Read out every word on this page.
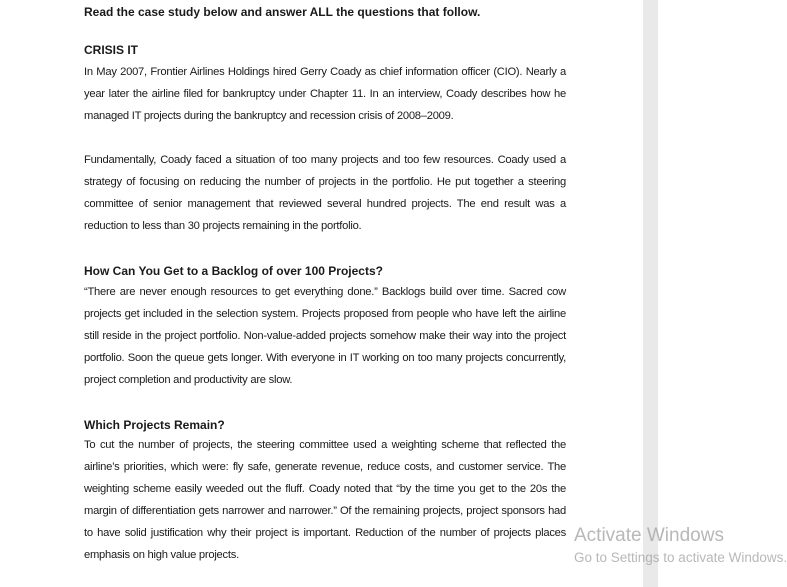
Read the case study below and answer ALL the questions that follow.
CRISIS IT
In May 2007, Frontier Airlines Holdings hired Gerry Coady as chief information officer (CIO). Nearly a year later the airline filed for bankruptcy under Chapter 11. In an interview, Coady describes how he managed IT projects during the bankruptcy and recession crisis of 2008–2009.
Fundamentally, Coady faced a situation of too many projects and too few resources. Coady used a strategy of focusing on reducing the number of projects in the portfolio. He put together a steering committee of senior management that reviewed several hundred projects. The end result was a reduction to less than 30 projects remaining in the portfolio.
How Can You Get to a Backlog of over 100 Projects?
“There are never enough resources to get everything done.” Backlogs build over time. Sacred cow projects get included in the selection system. Projects proposed from people who have left the airline still reside in the project portfolio. Non-value-added projects somehow make their way into the project portfolio. Soon the queue gets longer. With everyone in IT working on too many projects concurrently, project completion and productivity are slow.
Which Projects Remain?
To cut the number of projects, the steering committee used a weighting scheme that reflected the airline’s priorities, which were: fly safe, generate revenue, reduce costs, and customer service. The weighting scheme easily weeded out the fluff. Coady noted that “by the time you get to the 20s the margin of differentiation gets narrower and narrower.” Of the remaining projects, project sponsors had to have solid justification why their project is important. Reduction of the number of projects places emphasis on high value projects.
Activate Windows
Go to Settings to activate Windows.
